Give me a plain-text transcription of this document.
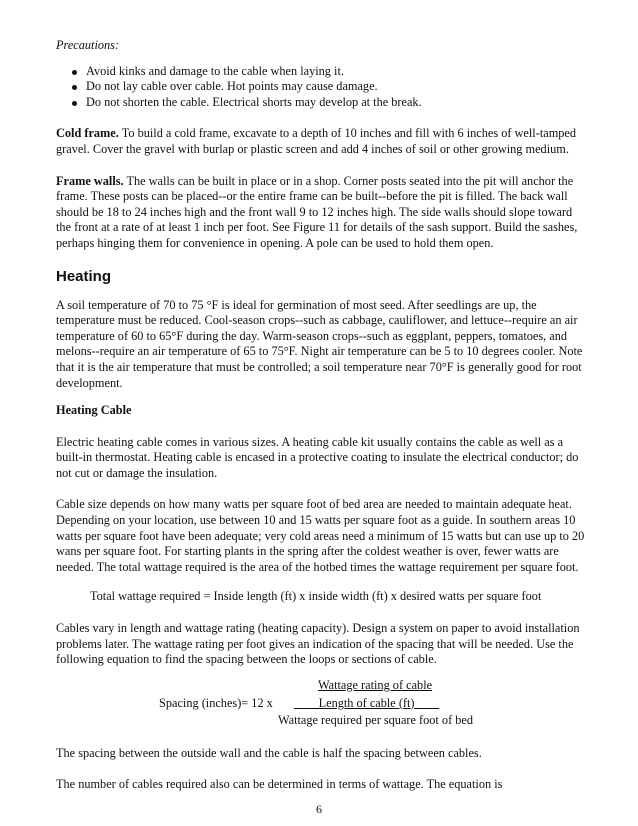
Precautions:

Avoid kinks and damage to the cable when laying it.
Do not lay cable over cable. Hot points may cause damage.
Do not shorten the cable. Electrical shorts may develop at the break.

Cold frame. To build a cold frame, excavate to a depth of 10 inches and fill with 6 inches of well-tamped gravel. Cover the gravel with burlap or plastic screen and add 4 inches of soil or other growing medium.

Frame walls. The walls can be built in place or in a shop. Corner posts seated into the pit will anchor the frame. These posts can be placed--or the entire frame can be built--before the pit is filled. The back wall should be 18 to 24 inches high and the front wall 9 to 12 inches high. The side walls should slope toward the front at a rate of at least 1 inch per foot. See Figure 11 for details of the sash support. Build the sashes, perhaps hinging them for convenience in opening. A pole can be used to hold them open.

Heating

A soil temperature of 70 to 75 °F is ideal for germination of most seed. After seedlings are up, the temperature must be reduced. Cool-season crops--such as cabbage, cauliflower, and lettuce--require an air temperature of 60 to 65°F during the day. Warm-season crops--such as eggplant, peppers, tomatoes, and melons--require an air temperature of 65 to 75°F. Night air temperature can be 5 to 10 degrees cooler. Note that it is the air temperature that must be controlled; a soil temperature near 70°F is generally good for root development.

Heating Cable

Electric heating cable comes in various sizes. A heating cable kit usually contains the cable as well as a built-in thermostat. Heating cable is encased in a protective coating to insulate the electrical conductor; do not cut or damage the insulation.

Cable size depends on how many watts per square foot of bed area are needed to maintain adequate heat. Depending on your location, use between 10 and 15 watts per square foot as a guide. In southern areas 10 watts per square foot have been adequate; very cold areas need a minimum of 15 watts but can use up to 20 wans per square foot. For starting plants in the spring after the coldest weather is over, fewer watts are needed. The total wattage required is the area of the hotbed times the wattage requirement per square foot.

Total wattage required = Inside length (ft) x inside width (ft) x desired watts per square foot

Cables vary in length and wattage rating (heating capacity). Design a system on paper to avoid installation problems later. The wattage rating per foot gives an indication of the spacing that will be needed. Use the following equation to find the spacing between the loops or sections of cable.

Wattage rating of cable
Spacing (inches)= 12 x Length of cable (ft)
Wattage required per square foot of bed

The spacing between the outside wall and the cable is half the spacing between cables.

The number of cables required also can be determined in terms of wattage. The equation is

6
